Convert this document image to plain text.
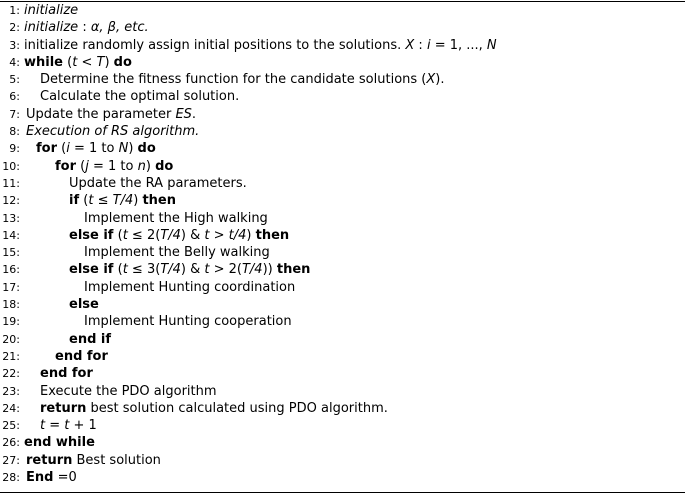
1: initialize
2: initialize : α, β, etc.
3: initialize randomly assign initial positions to the solutions. X : i = 1, ..., N
4: while (t < T) do
5: Determine the fitness function for the candidate solutions (X).
6: Calculate the optimal solution.
7: Update the parameter ES.
8: Execution of RS algorithm.
9: for (i = 1 to N) do
10:	for (j = 1 to n) do
11:	Update the RA parameters.
12:	if (t ≤ T/4) then
13:	Implement the High walking
14:	else if (t ≤ 2(T/4) & t > t/4) then
15:	Implement the Belly walking
16:	else if (t ≤ 3(T/4) & t > 2(T/4)) then
17:	Implement Hunting coordination
18:	else
19:	Implement Hunting cooperation
20:	end if
21:	end for
22: end for
23: Execute the PDO algorithm
24: return best solution calculated using PDO algorithm.
25: t = t + 1
26: end while
27: return Best solution
28: End =0
